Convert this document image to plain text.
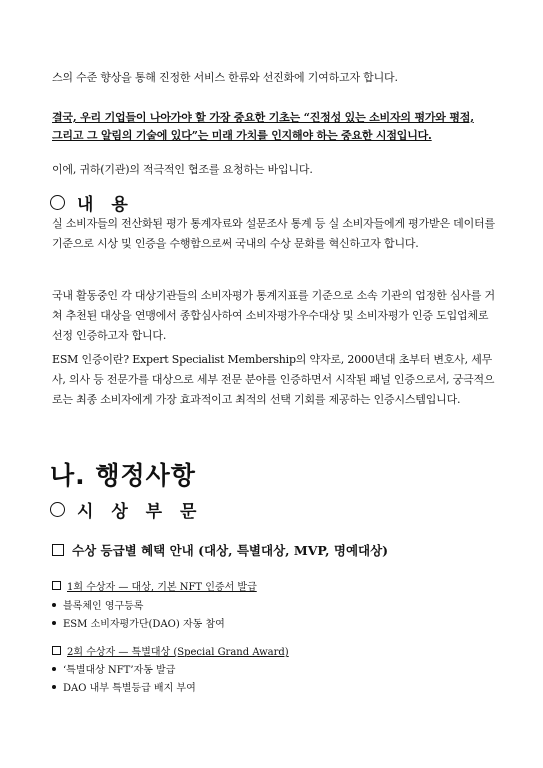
스의 수준 향상을 통해 진정한 서비스 한류와 선진화에 기여하고자 합니다.

결국, 우리 기업들이 나아가야 할 가장 중요한 기초는 “진정성 있는 소비자의 평가와 평점,

그리고 그 알림의 기술에 있다”는 미래 가치를 인지해야 하는 중요한 시점입니다.

이에, 귀하(기관)의 적극적인 협조를 요청하는 바입니다.

내 용

실 소비자들의 전산화된 평가 통계자료와 설문조사 통계 등 실 소비자들에게 평가받은 데이터를 기준으로 시상 및 인증을 수행함으로써 국내의 수상 문화를 혁신하고자 합니다.

국내 활동중인 각 대상기관들의 소비자평가 통계지표를 기준으로 소속 기관의 업정한 심사를 거쳐 추천된 대상을 연맹에서 종합심사하여 소비자평가우수대상 및 소비자평가 인증 도입업체로 선정 인증하고자 합니다.

ESM 인증이란? Expert Specialist Membership의 약자로, 2000년대 초부터 변호사, 세무사, 의사 등 전문가를 대상으로 세부 전문 분야를 인증하면서 시작된 패널 인증으로서, 궁극적으로는 최종 소비자에게 가장 효과적이고 최적의 선택 기회를 제공하는 인증시스템입니다.

나. 행정사항
시 상 부 문
수상 등급별 혜택 안내 (대상, 특별대상, MVP, 명예대상)
1회 수상자 — 대상, 기본 NFT 인증서 발급
블록체인 영구등록
ESM 소비자평가단(DAO) 자동 참여
2회 수상자 — 특별대상 (Special Grand Award)
‘특별대상 NFT’자동 발급
DAO 내부 특별등급 배지 부여
